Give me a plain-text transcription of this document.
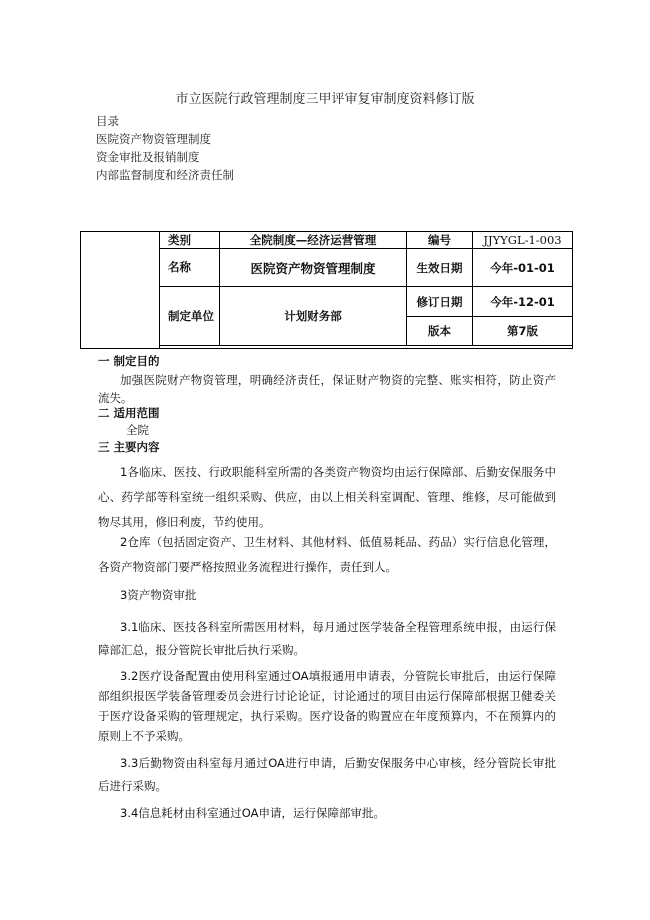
市立医院行政管理制度三甲评审复审制度资料修订版
目录
医院资产物资管理制度
资金审批及报销制度
内部监督制度和经济责任制
	类别	全院制度—经济运营管理	编号	JJYYGL-1-003
	名称	医院资产物资管理制度	生效日期	今年-01-01
	制定单位	计划财务部	修订日期	今年-12-01
			版本	第7版

一 制定目的
加强医院财产物资管理，明确经济责任，保证财产物资的完整、账实相符，防止资产流失。
二 适用范围
全院
三 主要内容
1各临床、医技、行政职能科室所需的各类资产物资均由运行保障部、后勤安保服务中心、药学部等科室统一组织采购、供应，由以上相关科室调配、管理、维修，尽可能做到物尽其用，修旧利废，节约使用。
2仓库（包括固定资产、卫生材料、其他材料、低值易耗品、药品）实行信息化管理，各资产物资部门要严格按照业务流程进行操作，责任到人。
3资产物资审批
3.1临床、医技各科室所需医用材料，每月通过医学装备全程管理系统申报，由运行保障部汇总，报分管院长审批后执行采购。
3.2医疗设备配置由使用科室通过OA填报通用申请表，分管院长审批后，由运行保障部组织报医学装备管理委员会进行讨论论证，讨论通过的项目由运行保障部根据卫健委关于医疗设备采购的管理规定，执行采购。医疗设备的购置应在年度预算内，不在预算内的原则上不予采购。
3.3后勤物资由科室每月通过OA进行申请，后勤安保服务中心审核，经分管院长审批后进行采购。
3.4信息耗材由科室通过OA申请，运行保障部审批。
